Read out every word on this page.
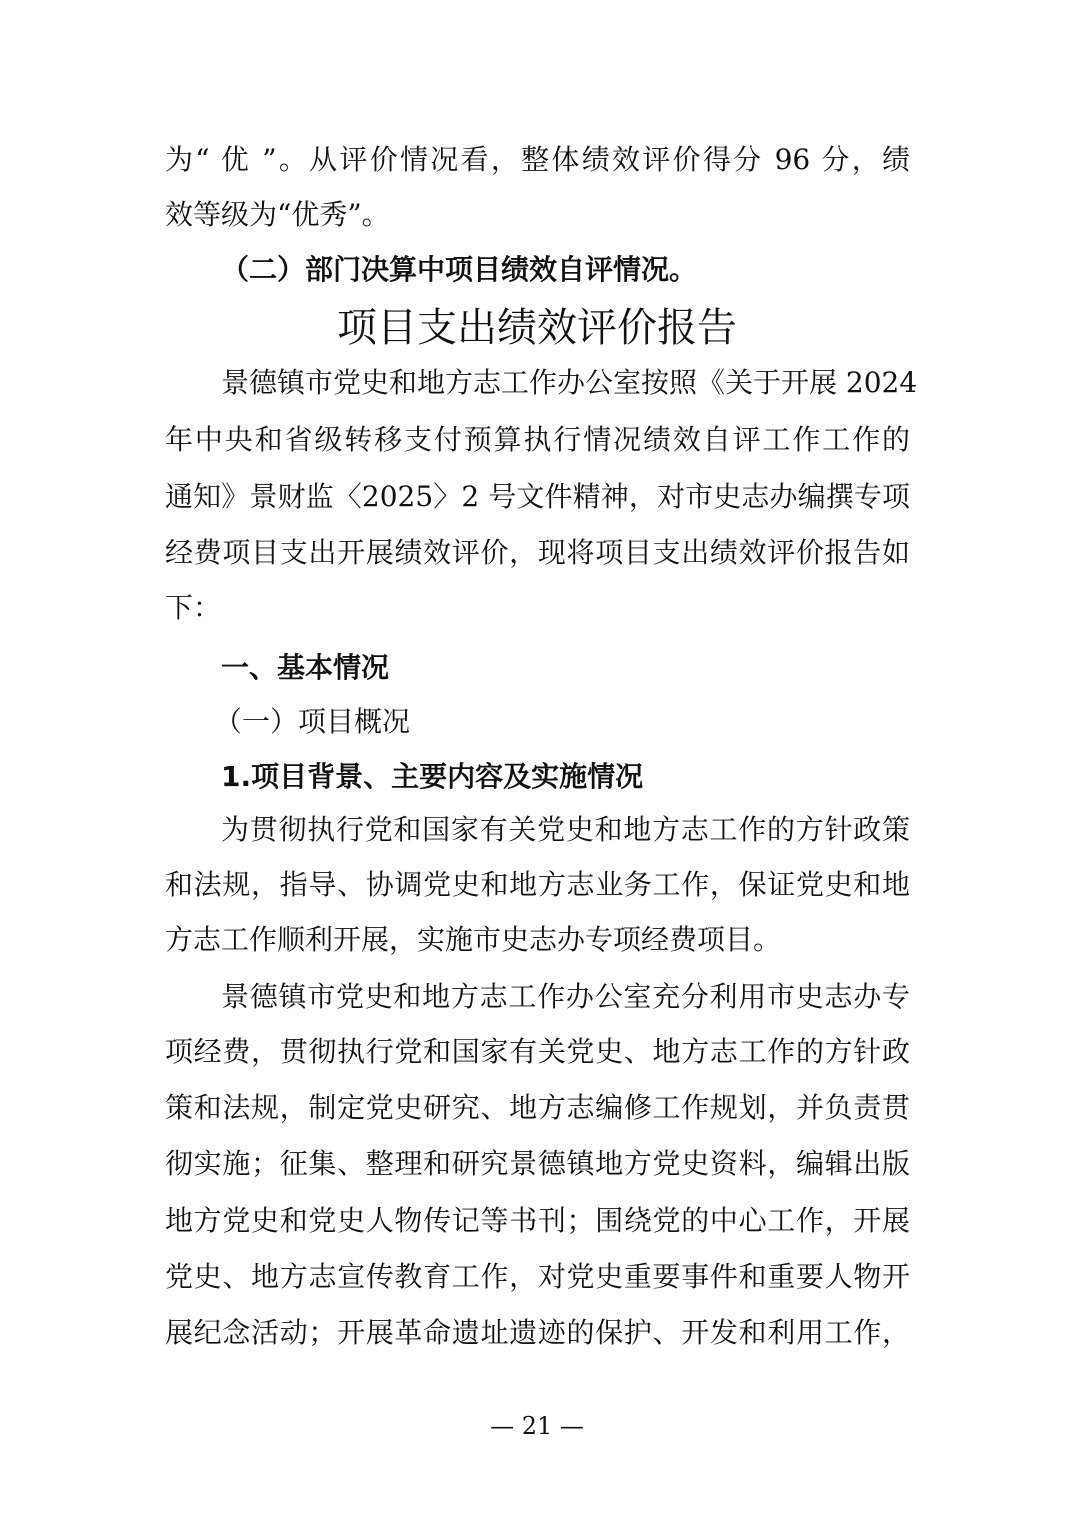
为“ 优 ”。从评价情况看，整体绩效评价得分 96 分，绩
效等级为“优秀”。
（二）部门决算中项目绩效自评情况。
项目支出绩效评价报告
景德镇市党史和地方志工作办公室按照《关于开展 2024
年中央和省级转移支付预算执行情况绩效自评工作工作的
通知》景财监〈2025〉2 号文件精神，对市史志办编撰专项
经费项目支出开展绩效评价，现将项目支出绩效评价报告如
下：
一、基本情况
（一）项目概况
1.项目背景、主要内容及实施情况
为贯彻执行党和国家有关党史和地方志工作的方针政策
和法规，指导、协调党史和地方志业务工作，保证党史和地
方志工作顺利开展，实施市史志办专项经费项目。
景德镇市党史和地方志工作办公室充分利用市史志办专
项经费，贯彻执行党和国家有关党史、地方志工作的方针政
策和法规，制定党史研究、地方志编修工作规划，并负责贯
彻实施；征集、整理和研究景德镇地方党史资料，编辑出版
地方党史和党史人物传记等书刊；围绕党的中心工作，开展
党史、地方志宣传教育工作，对党史重要事件和重要人物开
展纪念活动；开展革命遗址遗迹的保护、开发和利用工作，
— 21 —
